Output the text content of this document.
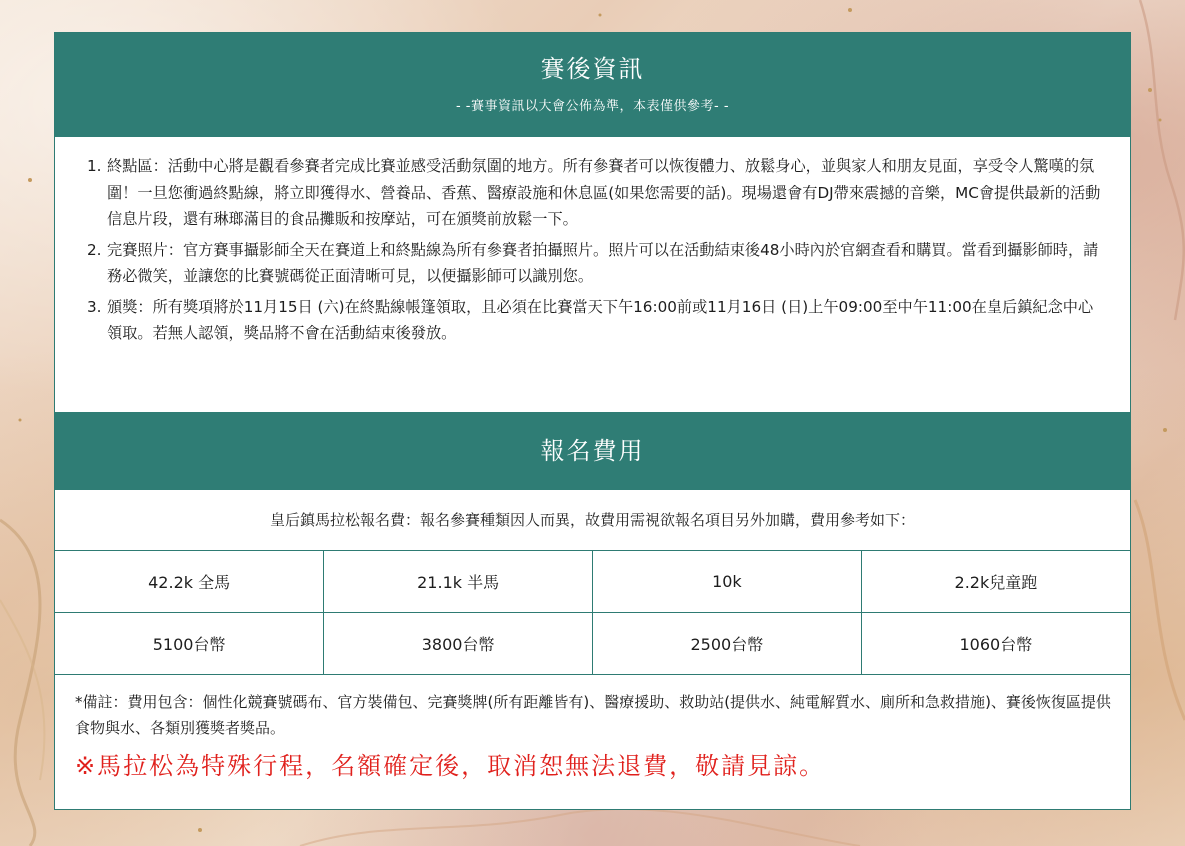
賽後資訊
- -賽事資訊以大會公佈為準，本表僅供參考- -
1. 終點區：活動中心將是觀看參賽者完成比賽並感受活動氛圍的地方。所有參賽者可以恢復體力、放鬆身心，並與家人和朋友見面，享受令人驚嘆的氛圍！一旦您衝過終點線，將立即獲得水、營養品、香蕉、醫療設施和休息區(如果您需要的話)。現場還會有DJ帶來震撼的音樂，MC會提供最新的活動信息片段，還有琳瑯滿目的食品攤販和按摩站，可在頒獎前放鬆一下。
2. 完賽照片：官方賽事攝影師全天在賽道上和終點線為所有參賽者拍攝照片。照片可以在活動結束後48小時內於官網查看和購買。當看到攝影師時，請務必微笑，並讓您的比賽號碼從正面清晰可見，以便攝影師可以識別您。
3. 頒獎：所有獎項將於11月15日 (六)在終點線帳篷領取，且必須在比賽當天下午16:00前或11月16日 (日)上午09:00至中午11:00在皇后鎮紀念中心領取。若無人認領，獎品將不會在活動結束後發放。
報名費用
皇后鎮馬拉松報名費：報名參賽種類因人而異，故費用需視欲報名項目另外加購，費用參考如下：
42.2k 全馬	21.1k 半馬	10k	2.2k兒童跑
5100台幣	3800台幣	2500台幣	1060台幣
*備註：費用包含：個性化競賽號碼布、官方裝備包、完賽獎牌(所有距離皆有)、醫療援助、救助站(提供水、純電解質水、廁所和急救措施)、賽後恢復區提供食物與水、各類別獲獎者獎品。
※馬拉松為特殊行程，名額確定後，取消恕無法退費，敬請見諒。
